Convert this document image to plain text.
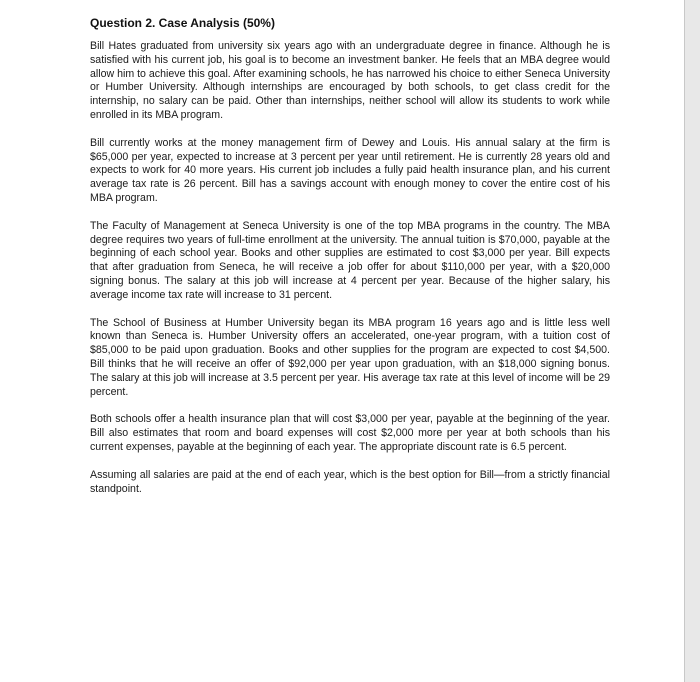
Question 2. Case Analysis (50%)

Bill Hates graduated from university six years ago with an undergraduate degree in finance. Although he is satisfied with his current job, his goal is to become an investment banker. He feels that an MBA degree would allow him to achieve this goal. After examining schools, he has narrowed his choice to either Seneca University or Humber University. Although internships are encouraged by both schools, to get class credit for the internship, no salary can be paid. Other than internships, neither school will allow its students to work while enrolled in its MBA program.

Bill currently works at the money management firm of Dewey and Louis. His annual salary at the firm is $65,000 per year, expected to increase at 3 percent per year until retirement. He is currently 28 years old and expects to work for 40 more years. His current job includes a fully paid health insurance plan, and his current average tax rate is 26 percent. Bill has a savings account with enough money to cover the entire cost of his MBA program.

The Faculty of Management at Seneca University is one of the top MBA programs in the country. The MBA degree requires two years of full-time enrollment at the university. The annual tuition is $70,000, payable at the beginning of each school year. Books and other supplies are estimated to cost $3,000 per year. Bill expects that after graduation from Seneca, he will receive a job offer for about $110,000 per year, with a $20,000 signing bonus. The salary at this job will increase at 4 percent per year. Because of the higher salary, his average income tax rate will increase to 31 percent.

The School of Business at Humber University began its MBA program 16 years ago and is little less well known than Seneca is. Humber University offers an accelerated, one-year program, with a tuition cost of $85,000 to be paid upon graduation. Books and other supplies for the program are expected to cost $4,500. Bill thinks that he will receive an offer of $92,000 per year upon graduation, with an $18,000 signing bonus. The salary at this job will increase at 3.5 percent per year. His average tax rate at this level of income will be 29 percent.

Both schools offer a health insurance plan that will cost $3,000 per year, payable at the beginning of the year. Bill also estimates that room and board expenses will cost $2,000 more per year at both schools than his current expenses, payable at the beginning of each year. The appropriate discount rate is 6.5 percent.

Assuming all salaries are paid at the end of each year, which is the best option for Bill—from a strictly financial standpoint.
